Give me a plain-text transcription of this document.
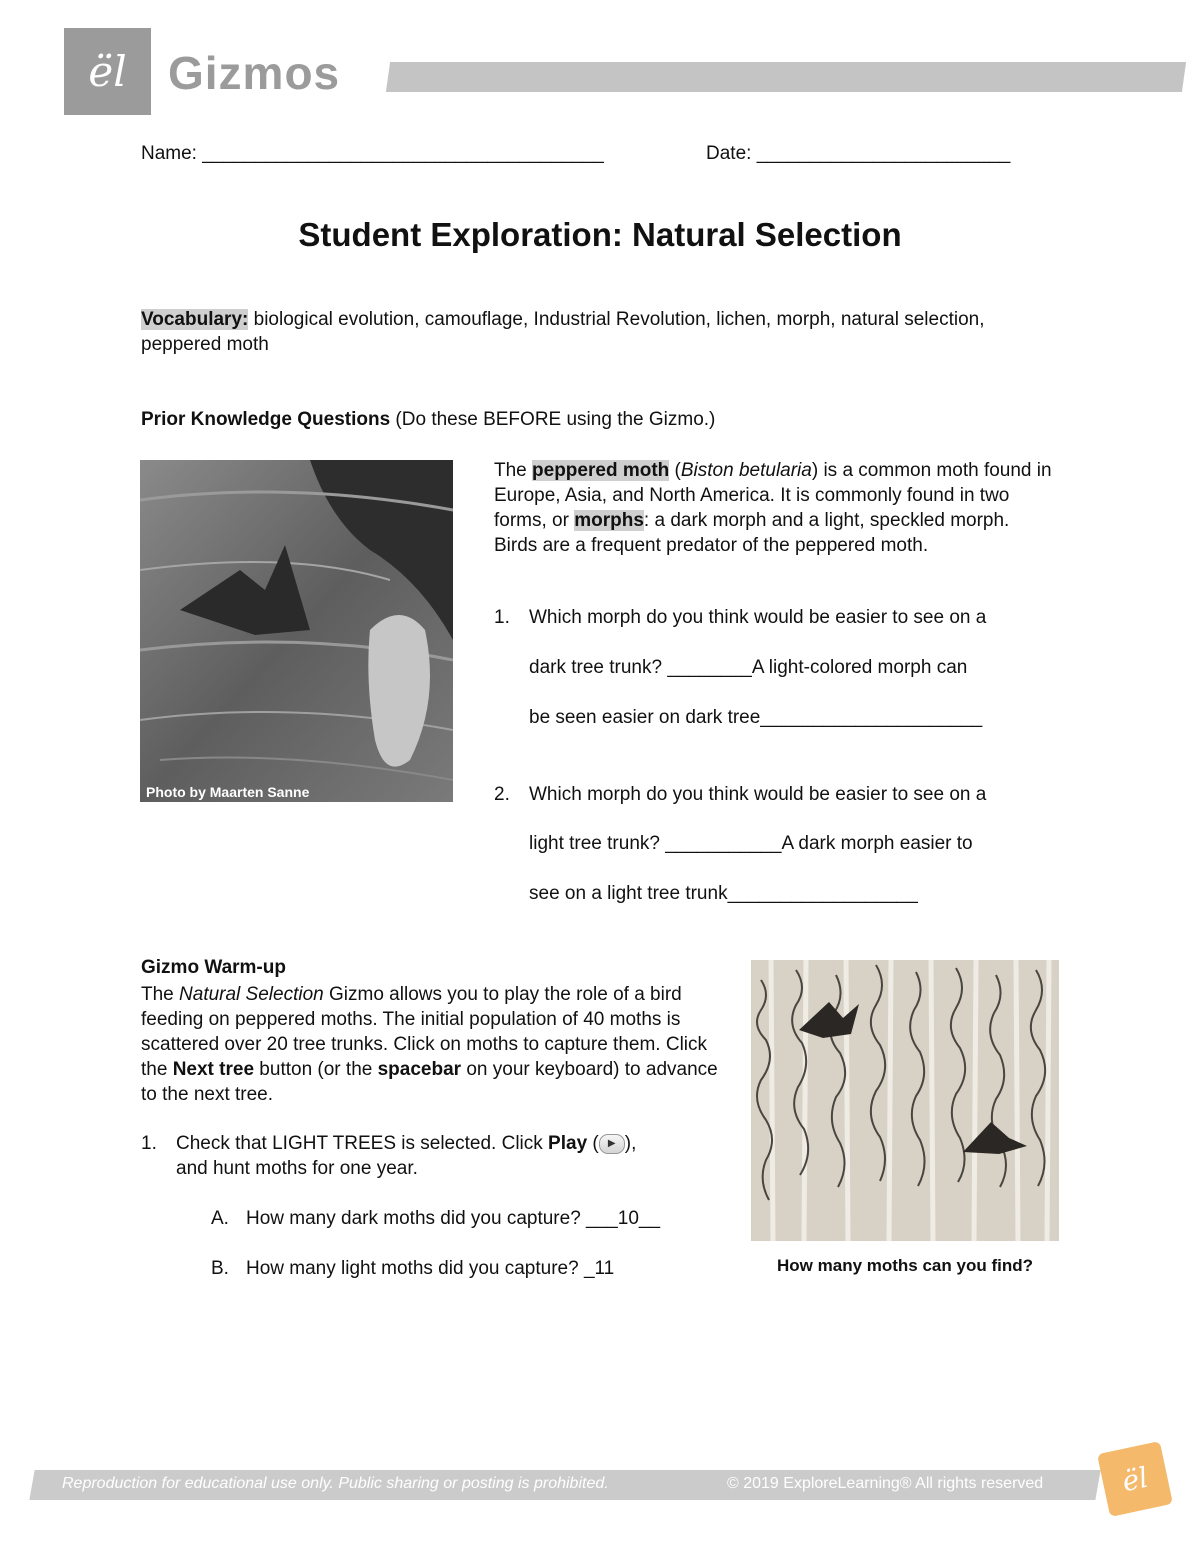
ël Gizmos
Name: ______________________________________	Date: ________________________
Student Exploration: Natural Selection
Vocabulary: biological evolution, camouflage, Industrial Revolution, lichen, morph, natural selection, peppered moth
Prior Knowledge Questions (Do these BEFORE using the Gizmo.)
Photo by Maarten Sanne
The peppered moth (Biston betularia) is a common moth found in Europe, Asia, and North America. It is commonly found in two forms, or morphs: a dark morph and a light, speckled morph. Birds are a frequent predator of the peppered moth.
1. Which morph do you think would be easier to see on a
dark tree trunk? ________A light-colored morph can
be seen easier on dark tree_____________________
2. Which morph do you think would be easier to see on a
light tree trunk? ___________A dark morph easier to
see on a light tree trunk__________________
Gizmo Warm-up
The Natural Selection Gizmo allows you to play the role of a bird feeding on peppered moths. The initial population of 40 moths is scattered over 20 tree trunks. Click on moths to capture them. Click the Next tree button (or the spacebar on your keyboard) to advance to the next tree.
1. Check that LIGHT TREES is selected. Click Play ( ▶ ),
and hunt moths for one year.
A. How many dark moths did you capture? ___10__
B. How many light moths did you capture? _11	How many moths can you find?
Reproduction for educational use only. Public sharing or posting is prohibited.	© 2019 ExploreLearning® All rights reserved	ël
